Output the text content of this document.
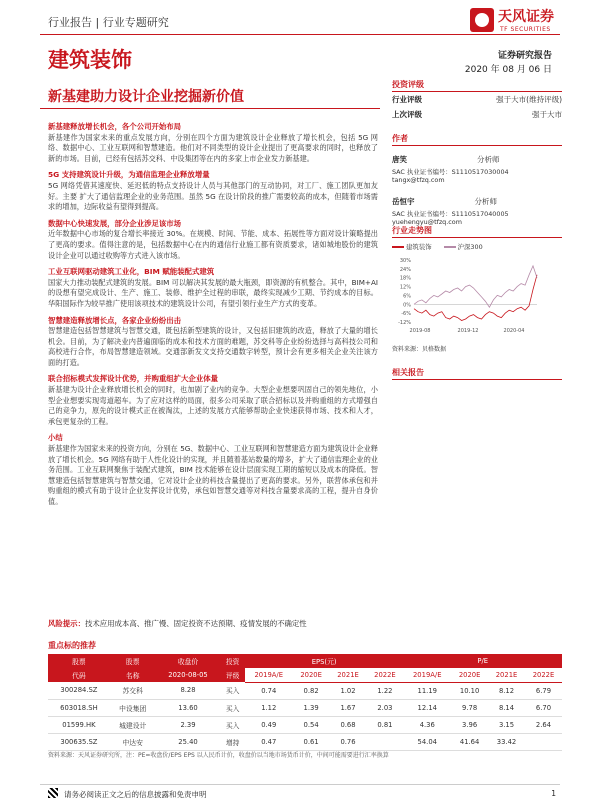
行业报告 | 行业专题研究	天风证券
TF SECURITIES
建筑装饰	证券研究报告
2020 年 08 月 06 日
新基建助力设计企业挖掘新价值
新基建释放增长机会，各个公司开始布局

新基建作为国家未来的重点发展方向，分别在四个方面为建筑设计企业释放了增长机会，包括 5G 网络、数据中心、工业互联网和智慧建造。他们对不同类型的设计企业提出了更高要求的同时，也释放了新的市场。目前，已经有包括苏交科、中设集团等在内的多家上市企业发力新基建。

5G 支持建筑设计升级，为通信监理企业释放增量

5G 网络凭借其速度快、延迟低的特点支持设计人员与其他部门的互动协同，对工厂、施工团队更加友好。主要 扩大了通信监理企业的业务范围。虽然 5G 在设计阶段的推广需要较高的成本，但随着市场需求的增加，边际收益有望得到提高。

数据中心快速发展，部分企业涉足该市场

近年数据中心市场的复合增长率接近 30%。在规模、时间、节能、成本、拓展性等方面对设计策略提出了更高的要求。值得注意的是，包括数据中心在内的通信行业施工都有资质要求，诸如城地股份的建筑设计企业可以通过收购等方式进入该市场。

工业互联网驱动建筑工业化，BIM 赋能装配式建筑

国家大力推动装配式建筑的发展。BIM 可以解决其发展的最大瓶颈，即资源的有机整合。其中，BIM+AI 的设想有望完成设计、生产、施工、装修、维护全过程的串联，最终实现减少工期、节约成本的目标。华阳国际作为较早推广使用该项技术的建筑设计公司，有望引领行业生产方式的变革。

智慧建造释放增长点，各家企业纷纷出击

智慧建造包括智慧建筑与智慧交通，既包括新型建筑的设计，又包括旧建筑的改造，释放了大量的增长机会。目前，为了解决业内普遍面临的成本和技术方面的难题，苏交科等企业纷纷选择与高科技公司和高校进行合作，布局智慧建造领域。交通部新发文支持交通数字转型，预计会有更多相关企业关注该方面的打造。

联合招标模式发挥设计优势，并购重组扩大企业体量

新基建为设计企业释放增长机会的同时，也加剧了业内的竞争。大型企业想要巩固自己的领先地位，小型企业想要实现弯道超车。为了应对这样的局面，很多公司采取了联合招标以及并购重组的方式增强自己的竞争力，原先的设计模式正在被淘汰，上述的发展方式能够帮助企业快速获得市场、技术和人才，承包更复杂的工程。

小结

新基建作为国家未来的投资方向，分别在 5G、数据中心、工业互联网和智慧建造方面为建筑设计企业释放了增长机会。5G 网络有助于人性化设计的实现，并且随着基站数量的增多，扩大了通信监理企业的业务范围。工业互联网聚焦于装配式建筑，BIM 技术能够在设计层面实现工期的缩短以及成本的降低。智慧建造包括智慧建筑与智慧交通，它对设计企业的科技含量提出了更高的要求。另外，联营体承包和并购重组的模式有助于设计企业发挥设计优势，承包如智慧交通等对科技含量要求高的工程，提升自身价值。

投资评级
行业评级	强于大市(维持评级)
上次评级	强于大市
作者
唐笑	分析师
SAC 执业证书编号：S1110517030004
tangx@tfzq.com
岳恒宇	分析师
SAC 执业证书编号：S1110517040005
yuehengyu@tfzq.com
行业走势图
建筑装饰	沪深300
30%
24%
18%
12%
6%
0%
-6%
-12%
2019-08	2019-12	2020-04
资料来源：贝格数据
相关报告
风险提示：技术应用成本高、推广慢、固定投资不达预期、疫情发展的不确定性
重点标的推荐
股票	股票	收盘价	投资	EPS(元)				P/E			
代码	名称	2020-08-05	评级	2019A/E	2020E	2021E	2022E	2019A/E	2020E	2021E	2022E
300284.SZ	苏交科	8.28	买入	0.74	0.82	1.02	1.22	11.19	10.10	8.12	6.79
603018.SH	中设集团	13.60	买入	1.12	1.39	1.67	2.03	12.14	9.78	8.14	6.70
01599.HK	城建设计	2.39	买入	0.49	0.54	0.68	0.81	4.36	3.96	3.15	2.64
300635.SZ	中达安	25.40	增持	0.47	0.61	0.76		54.04	41.64	33.42	
资料来源：天风证券研究所，注：PE=收盘价/EPS EPS 以人民币计价，收盘价以当地市场货币计价，中间可能需要进行汇率换算
请务必阅读正文之后的信息披露和免责申明	1
